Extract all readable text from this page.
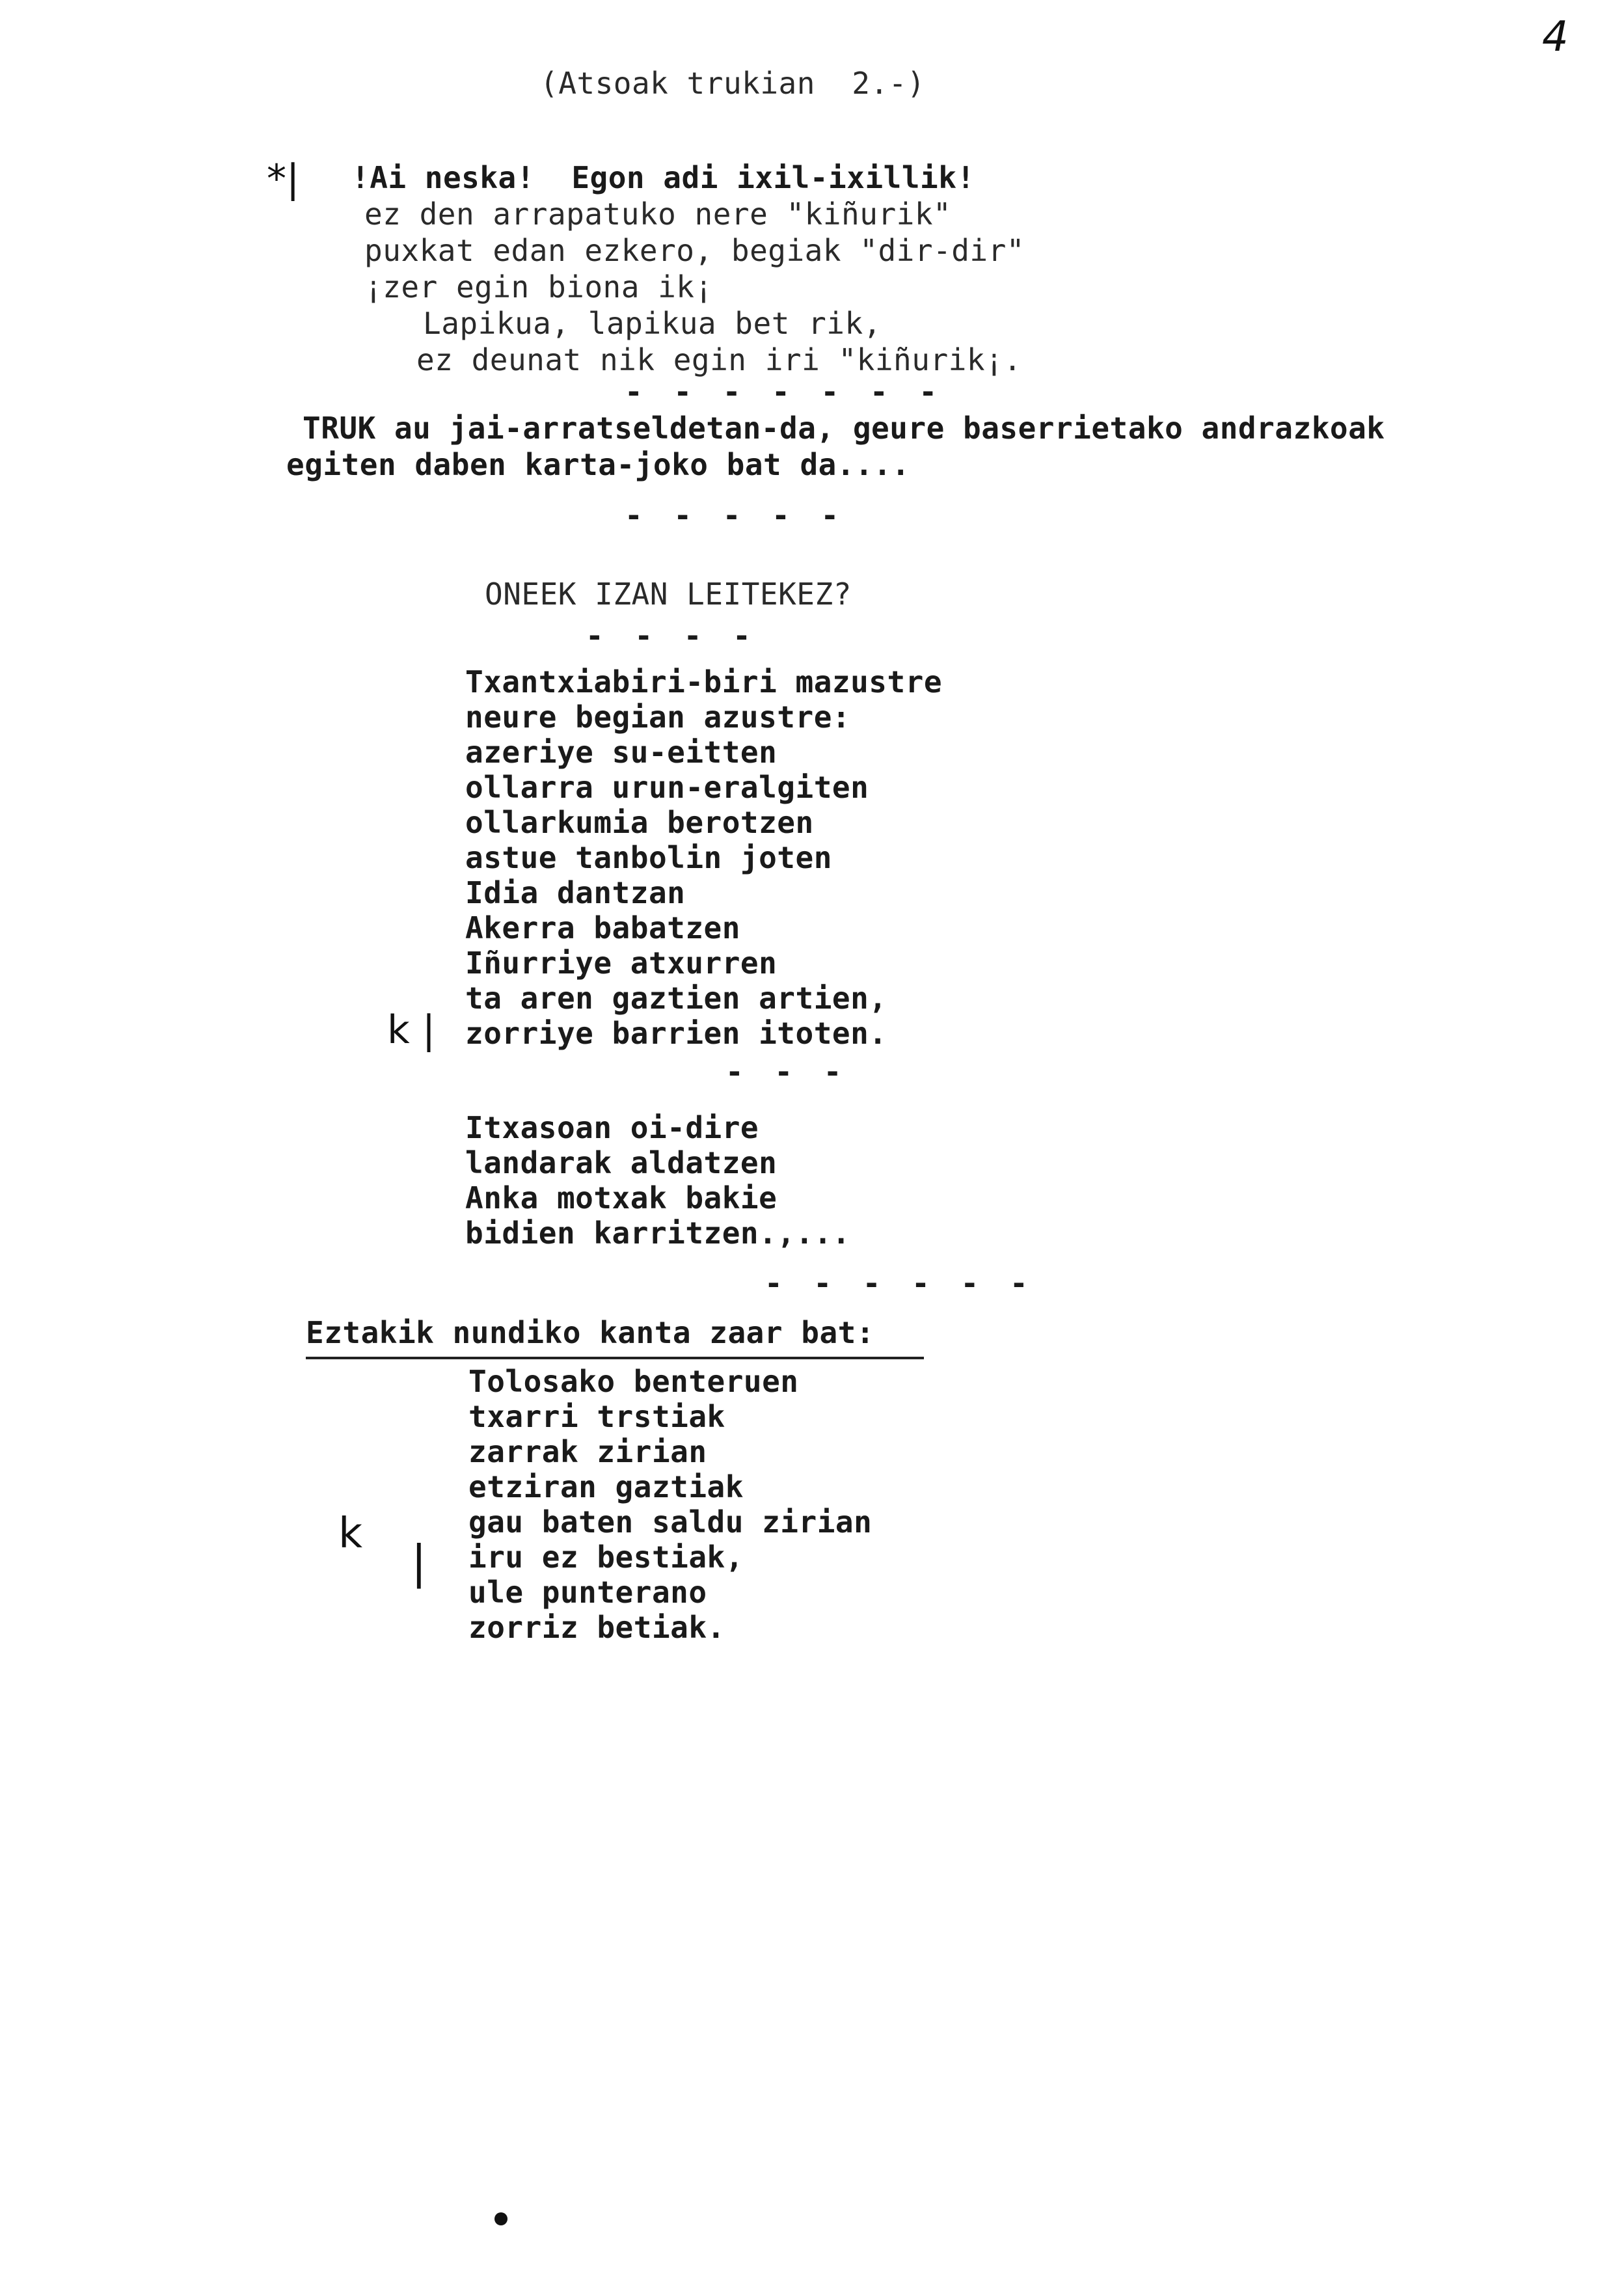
(Atsoak trukian  2.-)
4
*| !Ai neska!  Egon adi ixil-ixillik!
ez den arrapatuko nere "kiñurik"
puxkat edan ezkero, begiak "dir-dir"
¡zer egin biona ik¡
Lapikua, lapikua bet rik,
ez deunat nik egin iri "kiñurik¡.
- - - - - - -
TRUK au jai-arratseldetan-da, geure baserrietako andrazkoak
egiten daben karta-joko bat da....
- - - - -
ONEEK IZAN LEITEKEZ?
- - - -
Txantxiabiri-biri mazustre
neure begian azustre:
azeriye su-eitten
ollarra urun-eralgiten
ollarkumia berotzen
astue tanbolin joten
Idia dantzan
Akerra babatzen
Iñurriye atxurren
ta aren gaztien artien,
zorriye barrien itoten.
k |
- - -
Itxasoan oi-dire
landarak aldatzen
Anka motxak bakie
bidien karritzen.,...
- - - - - -
Eztakik nundiko kanta zaar bat:
Tolosako benteruen
txarri trstiak
zarrak zirian
etziran gaztiak
gau baten saldu zirian
iru ez bestiak,
ule punterano
zorriz betiak.
k
|
